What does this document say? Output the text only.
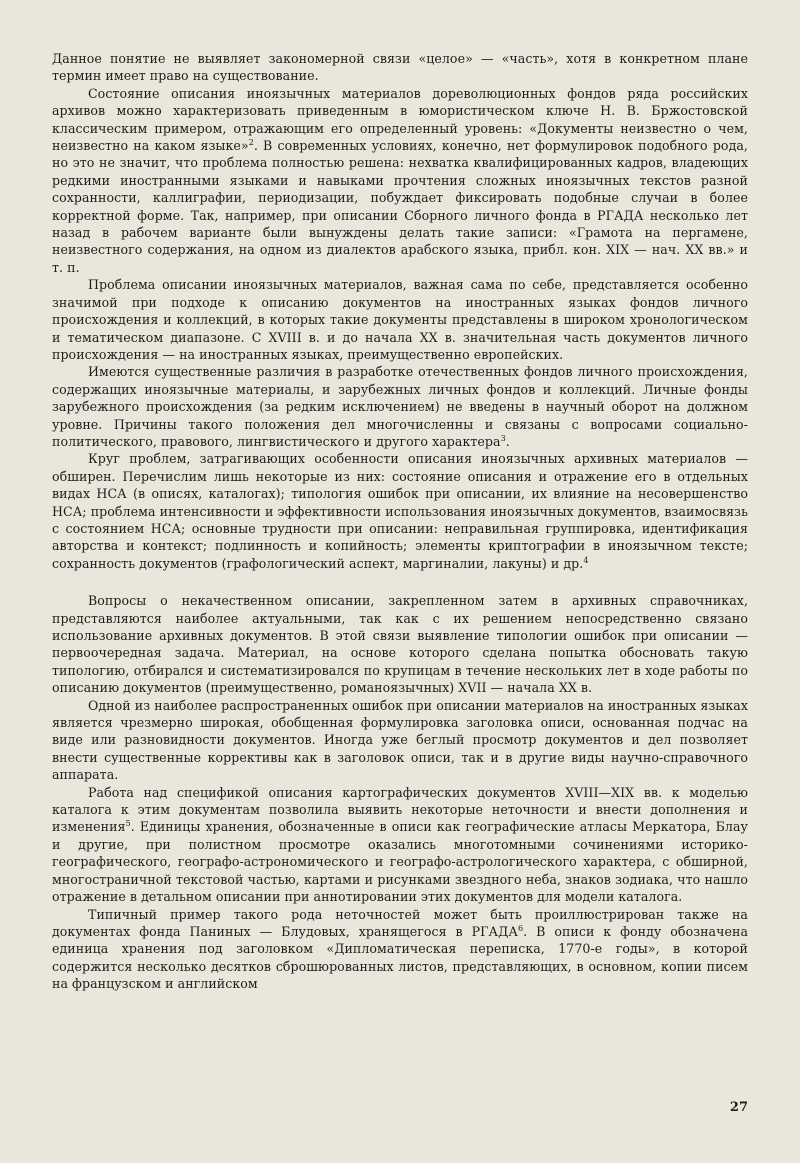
Данное понятие не выявляет закономерной связи «целое» — «часть», хотя в конкретном плане термин имеет право на существование.

Состояние описания иноязычных материалов дореволюционных фондов ряда российских архивов можно характеризовать приведенным в юмористическом ключе Н. В. Бржостовской классическим примером, отражающим его определенный уровень: «Документы неизвестно о чем, неизвестно на каком языке»$^2$. В современных условиях, конечно, нет формулировок подобного рода, но это не значит, что проблема полностью решена: нехватка квалифицированных кадров, владеющих редкими иностранными языками и навыками прочтения сложных иноязычных текстов разной сохранности, каллиграфии, периодизации, побуждает фиксировать подобные случаи в более корректной форме. Так, например, при описании Сборного личного фонда в РГАДА несколько лет назад в рабочем варианте были вынуждены делать такие записи: «Грамота на пергамене, неизвестного содержания, на одном из диалектов арабского языка, прибл. кон. XIX — нач. XX вв.» и т. п.

Проблема описании иноязычных материалов, важная сама по себе, представляется особенно значимой при подходе к описанию документов на иностранных языках фондов личного происхождения и коллекций, в которых такие документы представлены в широком хронологическом и тематическом диапазоне. С XVIII в. и до начала XX в. значительная часть документов личного происхождения — на иностранных языках, преимущественно европейских.

Имеются существенные различия в разработке отечественных фондов личного происхождения, содержащих иноязычные материалы, и зарубежных личных фондов и коллекций. Личные фонды зарубежного происхождения (за редким исключением) не введены в научный оборот на должном уровне. Причины такого положения дел многочисленны и связаны с вопросами социально-политического, правового, лингвистического и другого характера$^3$.

Круг проблем, затрагивающих особенности описания иноязычных архивных материалов — обширен. Перечислим лишь некоторые из них: состояние описания и отражение его в отдельных видах НСА (в описях, каталогах); типология ошибок при описании, их влияние на несовершенство НСА; проблема интенсивности и эффективности использования иноязычных документов, взаимосвязь с состоянием НСА; основные трудности при описании: неправильная группировка, идентификация авторства и контекст; подлинность и копийность; элементы криптографии в иноязычном тексте; сохранность документов (графологический аспект, маргиналии, лакуны) и др.$^4$

Вопросы о некачественном описании, закрепленном затем в архивных справочниках, представляются наиболее актуальными, так как с их решением непосредственно связано использование архивных документов. В этой связи выявление типологии ошибок при описании — первоочередная задача. Материал, на основе которого сделана попытка обосновать такую типологию, отбирался и систематизировался по крупицам в течение нескольких лет в ходе работы по описанию документов (преимущественно, романоязычных) XVII — начала XX в.

Одной из наиболее распространенных ошибок при описании материалов на иностранных языках является чрезмерно широкая, обобщенная формулировка заголовка описи, основанная подчас на виде или разновидности документов. Иногда уже беглый просмотр документов и дел позволяет внести существенные коррективы как в заголовок описи, так и в другие виды научно-справочного аппарата.

Работа над спецификой описания картографических документов XVIII—XIX вв. к моделью каталога к этим документам позволила выявить некоторые неточности и внести дополнения и изменения$^5$. Единицы хранения, обозначенные в описи как географические атласы Меркатора, Блау и другие, при полистном просмотре оказались многотомными сочинениями историко-географического, географо-астрономического и географо-астрологического характера, с обширной, многостраничной текстовой частью, картами и рисунками звездного неба, знаков зодиака, что нашло отражение в детальном описании при аннотировании этих документов для модели каталога.

Типичный пример такого рода неточностей может быть проиллюстрирован также на документах фонда Паниных — Блудовых, хранящегося в РГАДА$^6$. В описи к фонду обозначена единица хранения под заголовком «Дипломатическая переписка, 1770-е годы», в которой содержится несколько десятков сброшюрованных листов, представляющих, в основном, копии писем на французском и английском

27
